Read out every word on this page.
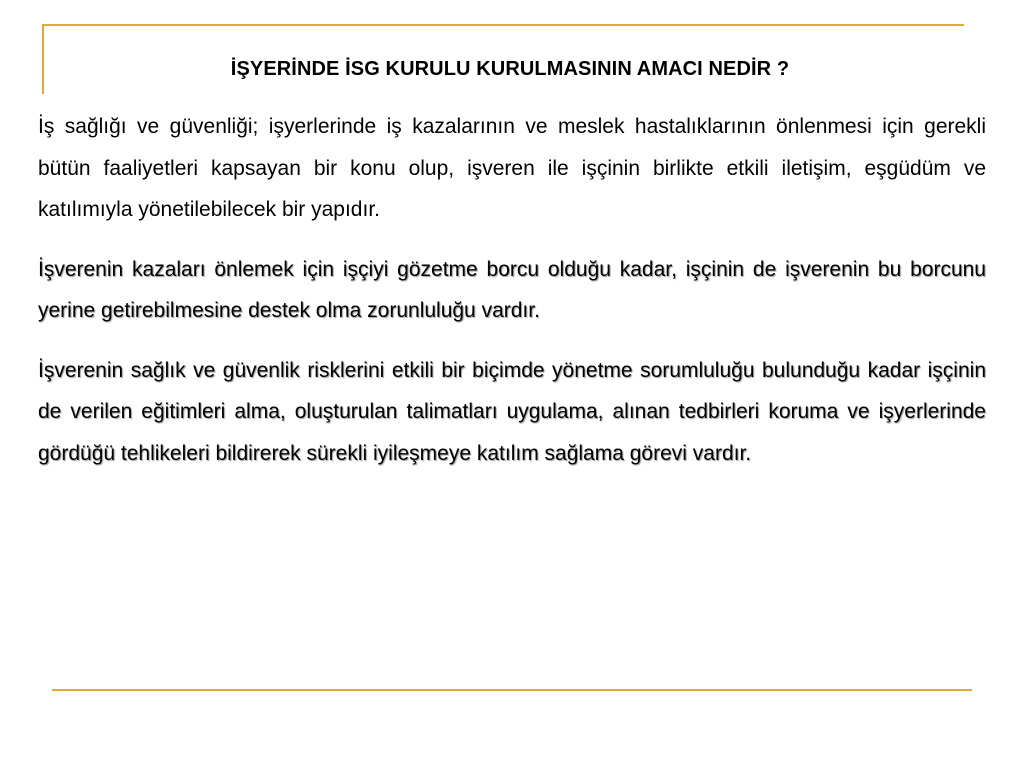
İŞYERİNDE İSG KURULU KURULMASININ AMACI NEDİR ?

İş sağlığı ve güvenliği; işyerlerinde iş kazalarının ve meslek hastalıklarının önlenmesi için gerekli bütün faaliyetleri kapsayan bir konu olup, işveren ile işçinin birlikte etkili iletişim, eşgüdüm ve katılımıyla yönetilebilecek bir yapıdır.

İşverenin kazaları önlemek için işçiyi gözetme borcu olduğu kadar, işçinin de işverenin bu borcunu yerine getirebilmesine destek olma zorunluluğu vardır.

İşverenin sağlık ve güvenlik risklerini etkili bir biçimde yönetme sorumluluğu bulunduğu kadar işçinin de verilen eğitimleri alma, oluşturulan talimatları uygulama, alınan tedbirleri koruma ve işyerlerinde gördüğü tehlikeleri bildirerek sürekli iyileşmeye katılım sağlama görevi vardır.
